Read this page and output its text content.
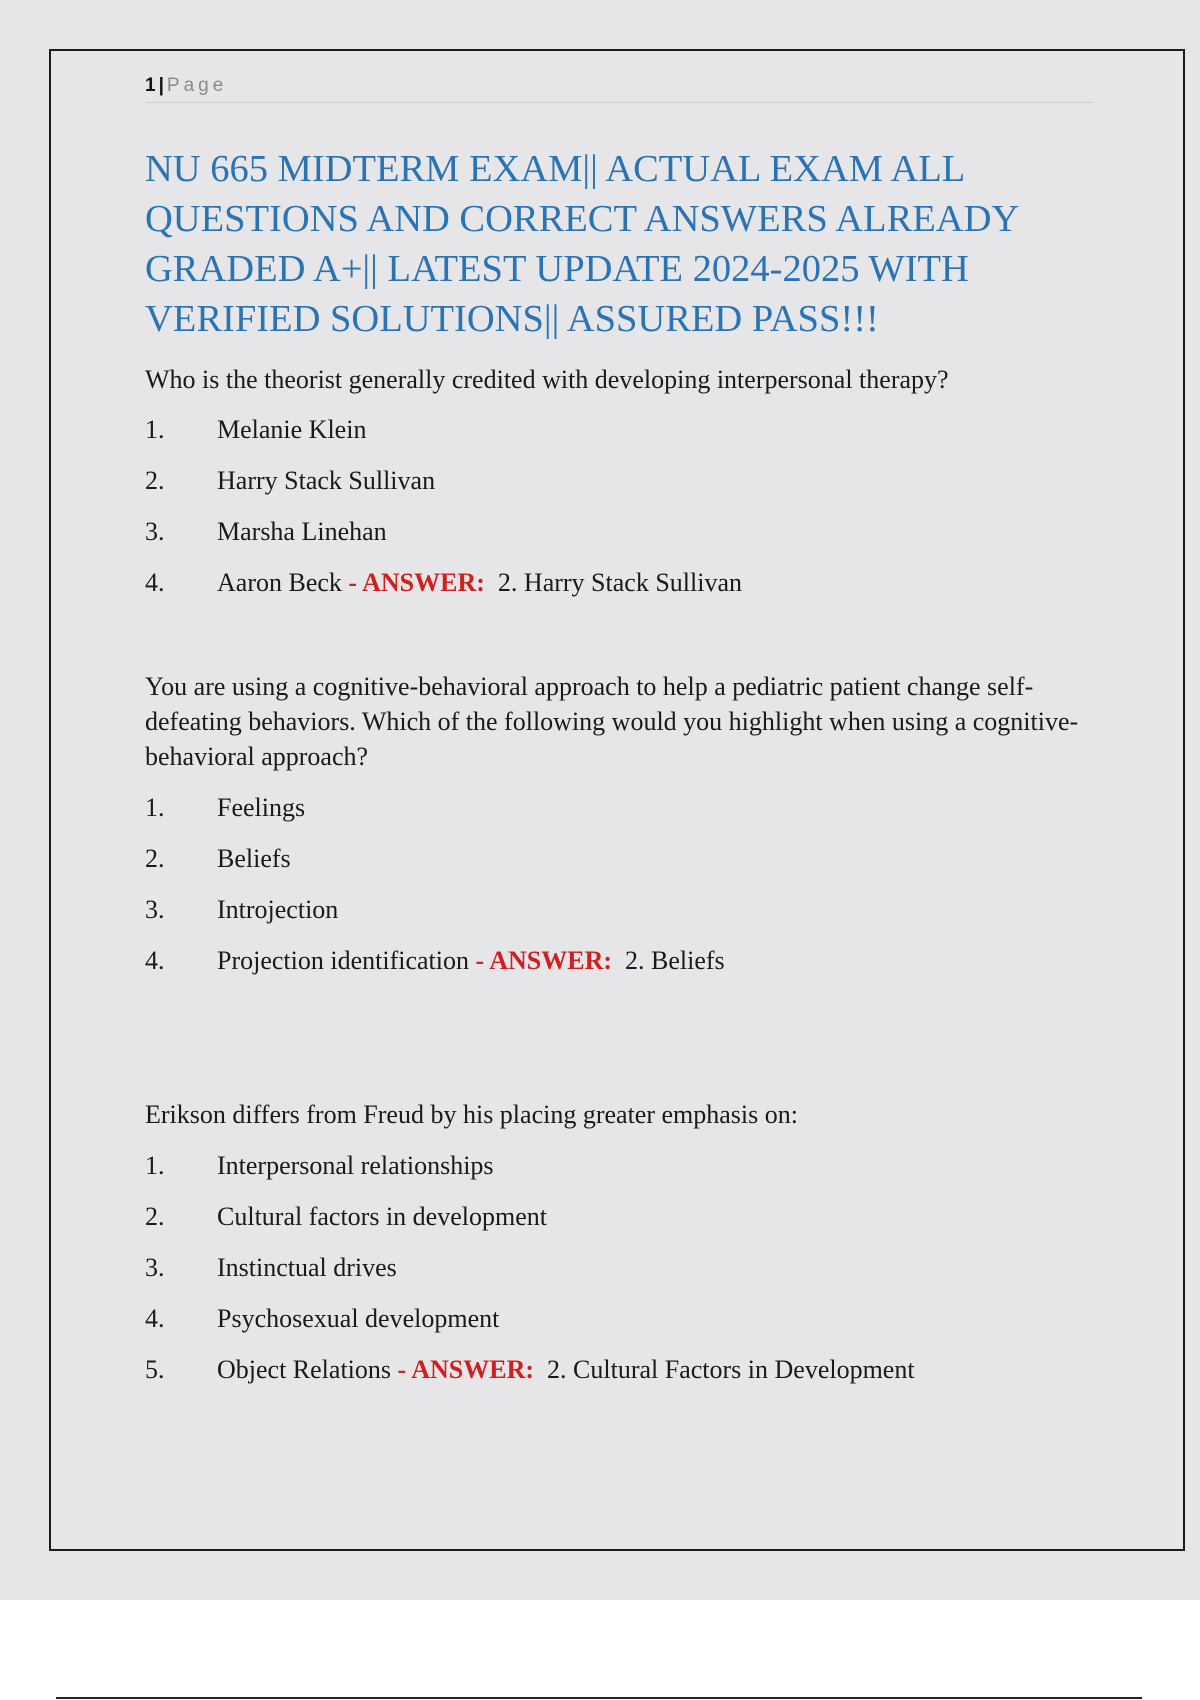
1 | Page
NU 665 MIDTERM EXAM|| ACTUAL EXAM ALL QUESTIONS AND CORRECT ANSWERS ALREADY GRADED A+|| LATEST UPDATE 2024-2025 WITH VERIFIED SOLUTIONS|| ASSURED PASS!!!

Who is the theorist generally credited with developing interpersonal therapy?

1. Melanie Klein
2. Harry Stack Sullivan
3. Marsha Linehan
4. Aaron Beck - ANSWER: 2. Harry Stack Sullivan

You are using a cognitive-behavioral approach to help a pediatric patient change self- defeating behaviors. Which of the following would you highlight when using a cognitive- behavioral approach?

1. Feelings
2. Beliefs
3. Introjection
4. Projection identification - ANSWER: 2. Beliefs

Erikson differs from Freud by his placing greater emphasis on:

1. Interpersonal relationships
2. Cultural factors in development
3. Instinctual drives
4. Psychosexual development
5. Object Relations - ANSWER: 2. Cultural Factors in Development
